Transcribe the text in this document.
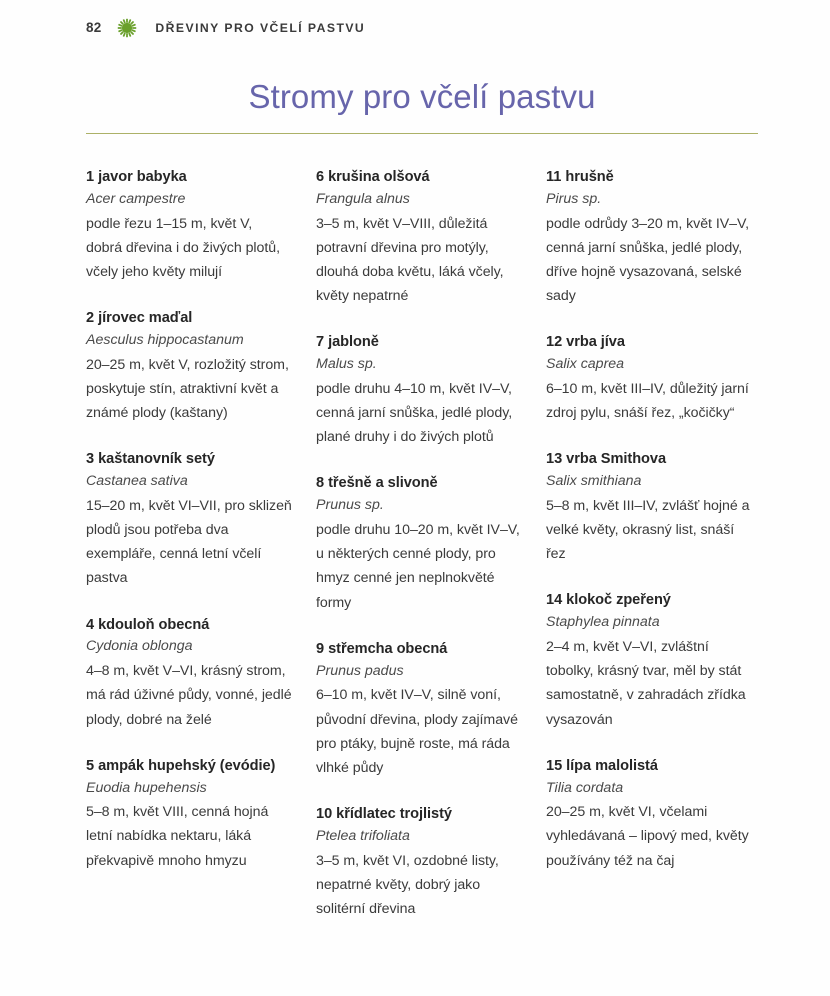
82	DŘEVINY PRO VČELÍ PASTVU
Stromy pro včelí pastvu
1 javor babyka
Acer campestre
podle řezu 1–15 m, květ V, dobrá dřevina i do živých plotů, včely jeho květy milují
2 jírovec maďal
Aesculus hippocastanum
20–25 m, květ V, rozložitý strom, poskytuje stín, atraktivní květ a známé plody (kaštany)
3 kaštanovník setý
Castanea sativa
15–20 m, květ VI–VII, pro sklizeň plodů jsou potřeba dva exempláře, cenná letní včelí pastva
4 kdouloň obecná
Cydonia oblonga
4–8 m, květ V–VI, krásný strom, má rád úživné půdy, vonné, jedlé plody, dobré na želé
5 ampák hupehský (evódie)
Euodia hupehensis
5–8 m, květ VIII, cenná hojná letní nabídka nektaru, láká překvapivě mnoho hmyzu
6 krušina olšová
Frangula alnus
3–5 m, květ V–VIII, důležitá potravní dřevina pro motýly, dlouhá doba květu, láká včely, květy nepatrné
7 jabloně
Malus sp.
podle druhu 4–10 m, květ IV–V, cenná jarní snůška, jedlé plody, plané druhy i do živých plotů
8 třešně a slivoně
Prunus sp.
podle druhu 10–20 m, květ IV–V, u některých cenné plody, pro hmyz cenné jen neplnokvěté formy
9 střemcha obecná
Prunus padus
6–10 m, květ IV–V, silně voní, původní dřevina, plody zajímavé pro ptáky, bujně roste, má ráda vlhké půdy
10 křídlatec trojlistý
Ptelea trifoliata
3–5 m, květ VI, ozdobné listy, nepatrné květy, dobrý jako solitérní dřevina
11 hrušně
Pirus sp.
podle odrůdy 3–20 m, květ IV–V, cenná jarní snůška, jedlé plody, dříve hojně vysazovaná, selské sady
12 vrba jíva
Salix caprea
6–10 m, květ III–IV, důležitý jarní zdroj pylu, snáší řez, „kočičky“
13 vrba Smithova
Salix smithiana
5–8 m, květ III–IV, zvlášť hojné a velké květy, okrasný list, snáší řez
14 klokoč zpeřený
Staphylea pinnata
2–4 m, květ V–VI, zvláštní tobolky, krásný tvar, měl by stát samostatně, v zahradách zřídka vysazován
15 lípa malolistá
Tilia cordata
20–25 m, květ VI, včelami vyhledávaná – lipový med, květy používány též na čaj
